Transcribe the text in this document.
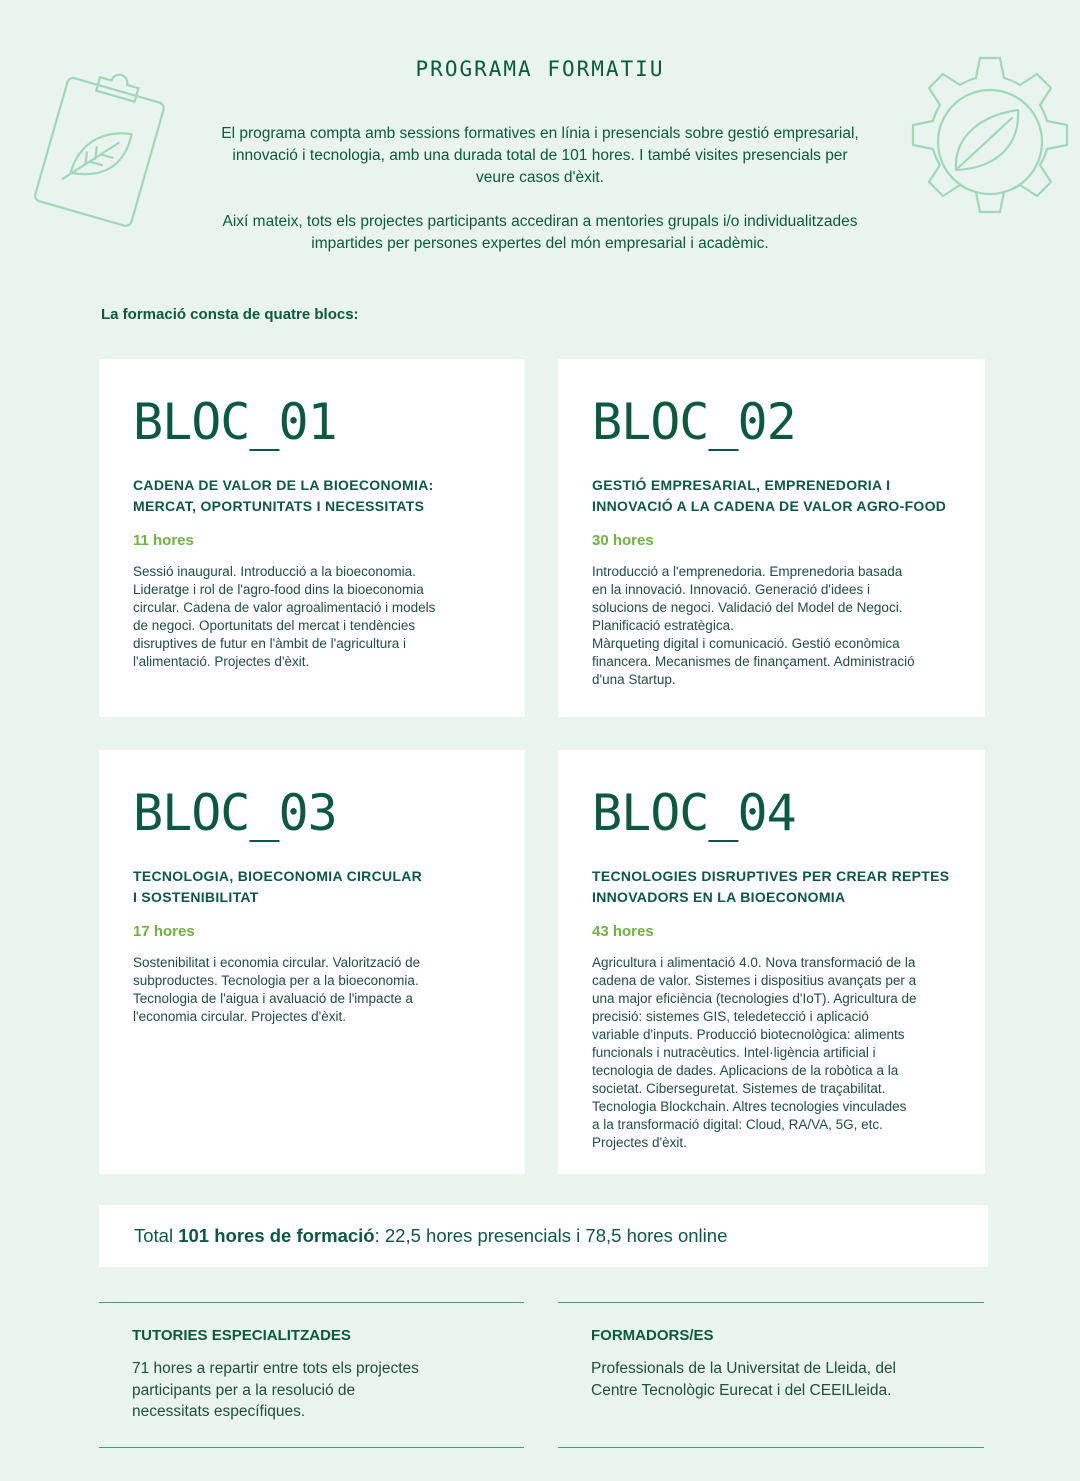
PROGRAMA FORMATIU

El programa compta amb sessions formatives en línia i presencials sobre gestió empresarial, innovació i tecnologia, amb una durada total de 101 hores. I també visites presencials per veure casos d'èxit.

Així mateix, tots els projectes participants accediran a mentories grupals i/o individualitzades impartides per persones expertes del món empresarial i acadèmic.

La formació consta de quatre blocs:
BLOC_01
CADENA DE VALOR DE LA BIOECONOMIA:
MERCAT, OPORTUNITATS I NECESSITATS
11 hores
Sessió inaugural. Introducció a la bioeconomia.
Lideratge i rol de l'agro-food dins la bioeconomia
circular. Cadena de valor agroalimentació i models
de negoci. Oportunitats del mercat i tendències
disruptives de futur en l'àmbit de l'agricultura i
l'alimentació. Projectes d'èxit.
BLOC_02
GESTIÓ EMPRESARIAL, EMPRENEDORIA I
INNOVACIÓ A LA CADENA DE VALOR AGRO-FOOD
30 hores
Introducció a l'emprenedoria. Emprenedoria basada
en la innovació. Innovació. Generació d'idees i
solucions de negoci. Validació del Model de Negoci.
Planificació estratègica.
Màrqueting digital i comunicació. Gestió econòmica
financera. Mecanismes de finançament. Administració
d'una Startup.
BLOC_03
TECNOLOGIA, BIOECONOMIA CIRCULAR
I SOSTENIBILITAT
17 hores
Sostenibilitat i economia circular. Valorització de
subproductes. Tecnologia per a la bioeconomia.
Tecnologia de l'aigua i avaluació de l'impacte a
l'economia circular. Projectes d'èxit.
BLOC_04
TECNOLOGIES DISRUPTIVES PER CREAR REPTES
INNOVADORS EN LA BIOECONOMIA
43 hores
Agricultura i alimentació 4.0. Nova transformació de la
cadena de valor. Sistemes i dispositius avançats per a
una major eficiència (tecnologies d'IoT). Agricultura de
precisió: sistemes GIS, teledetecció i aplicació
variable d'inputs. Producció biotecnològica: aliments
funcionals i nutracèutics. Intel·ligència artificial i
tecnologia de dades. Aplicacions de la robòtica a la
societat. Ciberseguretat. Sistemes de traçabilitat.
Tecnologia Blockchain. Altres tecnologies vinculades
a la transformació digital: Cloud, RA/VA, 5G, etc.
Projectes d'èxit.
Total 101 hores de formació: 22,5 hores presencials i 78,5 hores online
TUTORIES ESPECIALITZADES
71 hores a repartir entre tots els projectes
participants per a la resolució de
necessitats específiques.
FORMADORS/ES
Professionals de la Universitat de Lleida, del
Centre Tecnològic Eurecat i del CEEILleida.
